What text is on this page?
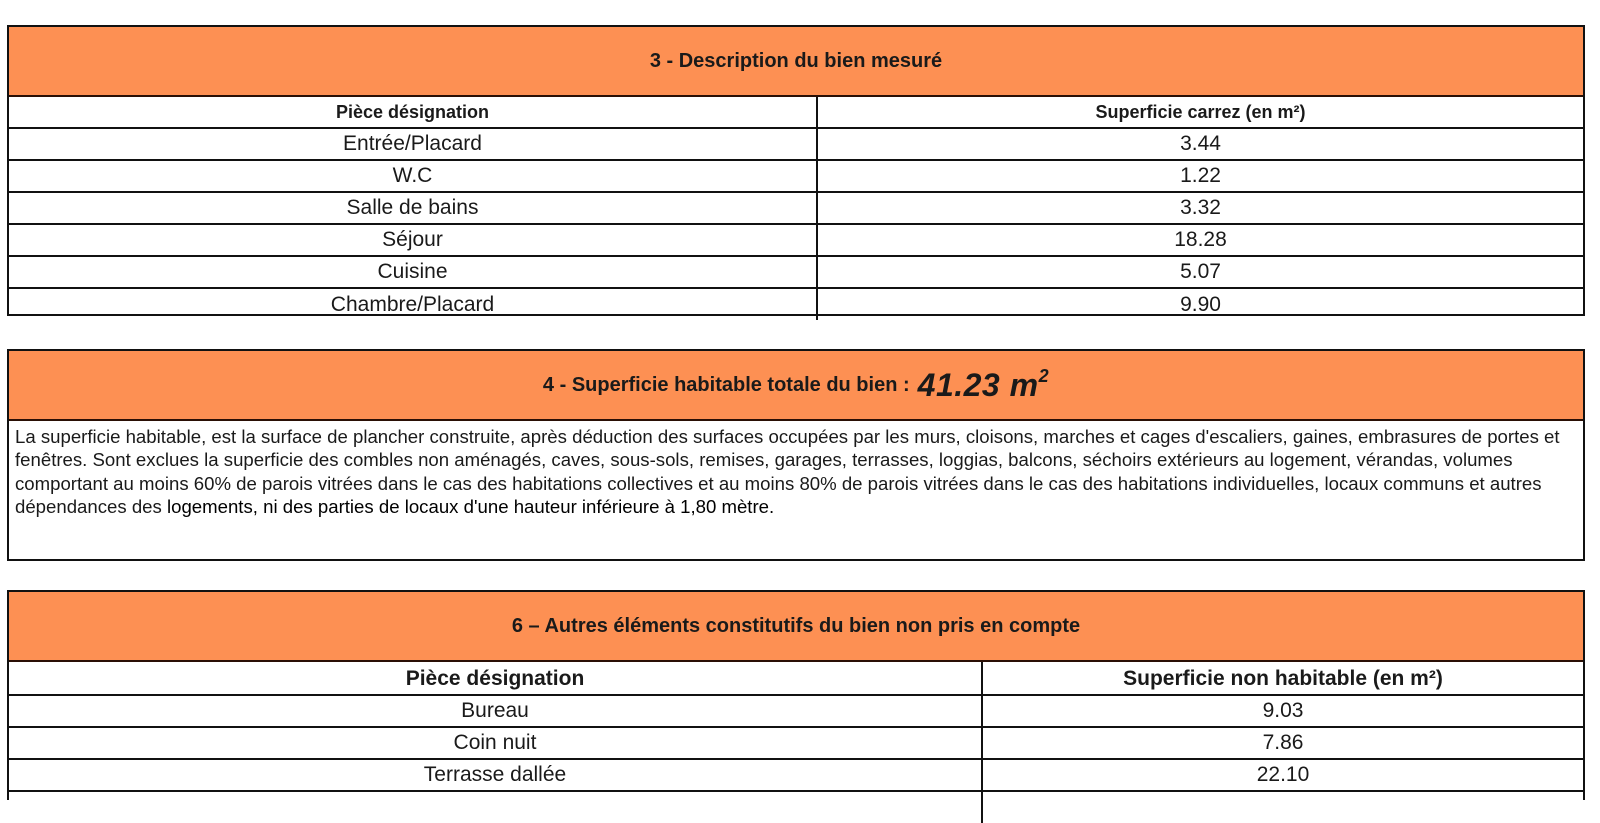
3 - Description du bien mesuré
Pièce désignation	Superficie carrez (en m²)
Entrée/Placard	3.44
W.C	1.22
Salle de bains	3.32
Séjour	18.28
Cuisine	5.07
Chambre/Placard	9.90
4 - Superficie habitable totale du bien : 41.23 $m^2$
La superficie habitable, est la surface de plancher construite, après déduction des surfaces occupées par les murs, cloisons, marches et cages d'escaliers, gaines, embrasures de portes et fenêtres. Sont exclues la superficie des combles non aménagés, caves, sous-sols, remises, garages, terrasses, loggias, balcons, séchoirs extérieurs au logement, vérandas, volumes comportant au moins 60% de parois vitrées dans le cas des habitations collectives et au moins 80% de parois vitrées dans le cas des habitations individuelles, locaux communs et autres dépendances des logements, ni des parties de locaux d'une hauteur inférieure à 1,80 mètre.
6 – Autres éléments constitutifs du bien non pris en compte
Pièce désignation	Superficie non habitable (en m²)
Bureau	9.03
Coin nuit	7.86
Terrasse dallée	22.10
